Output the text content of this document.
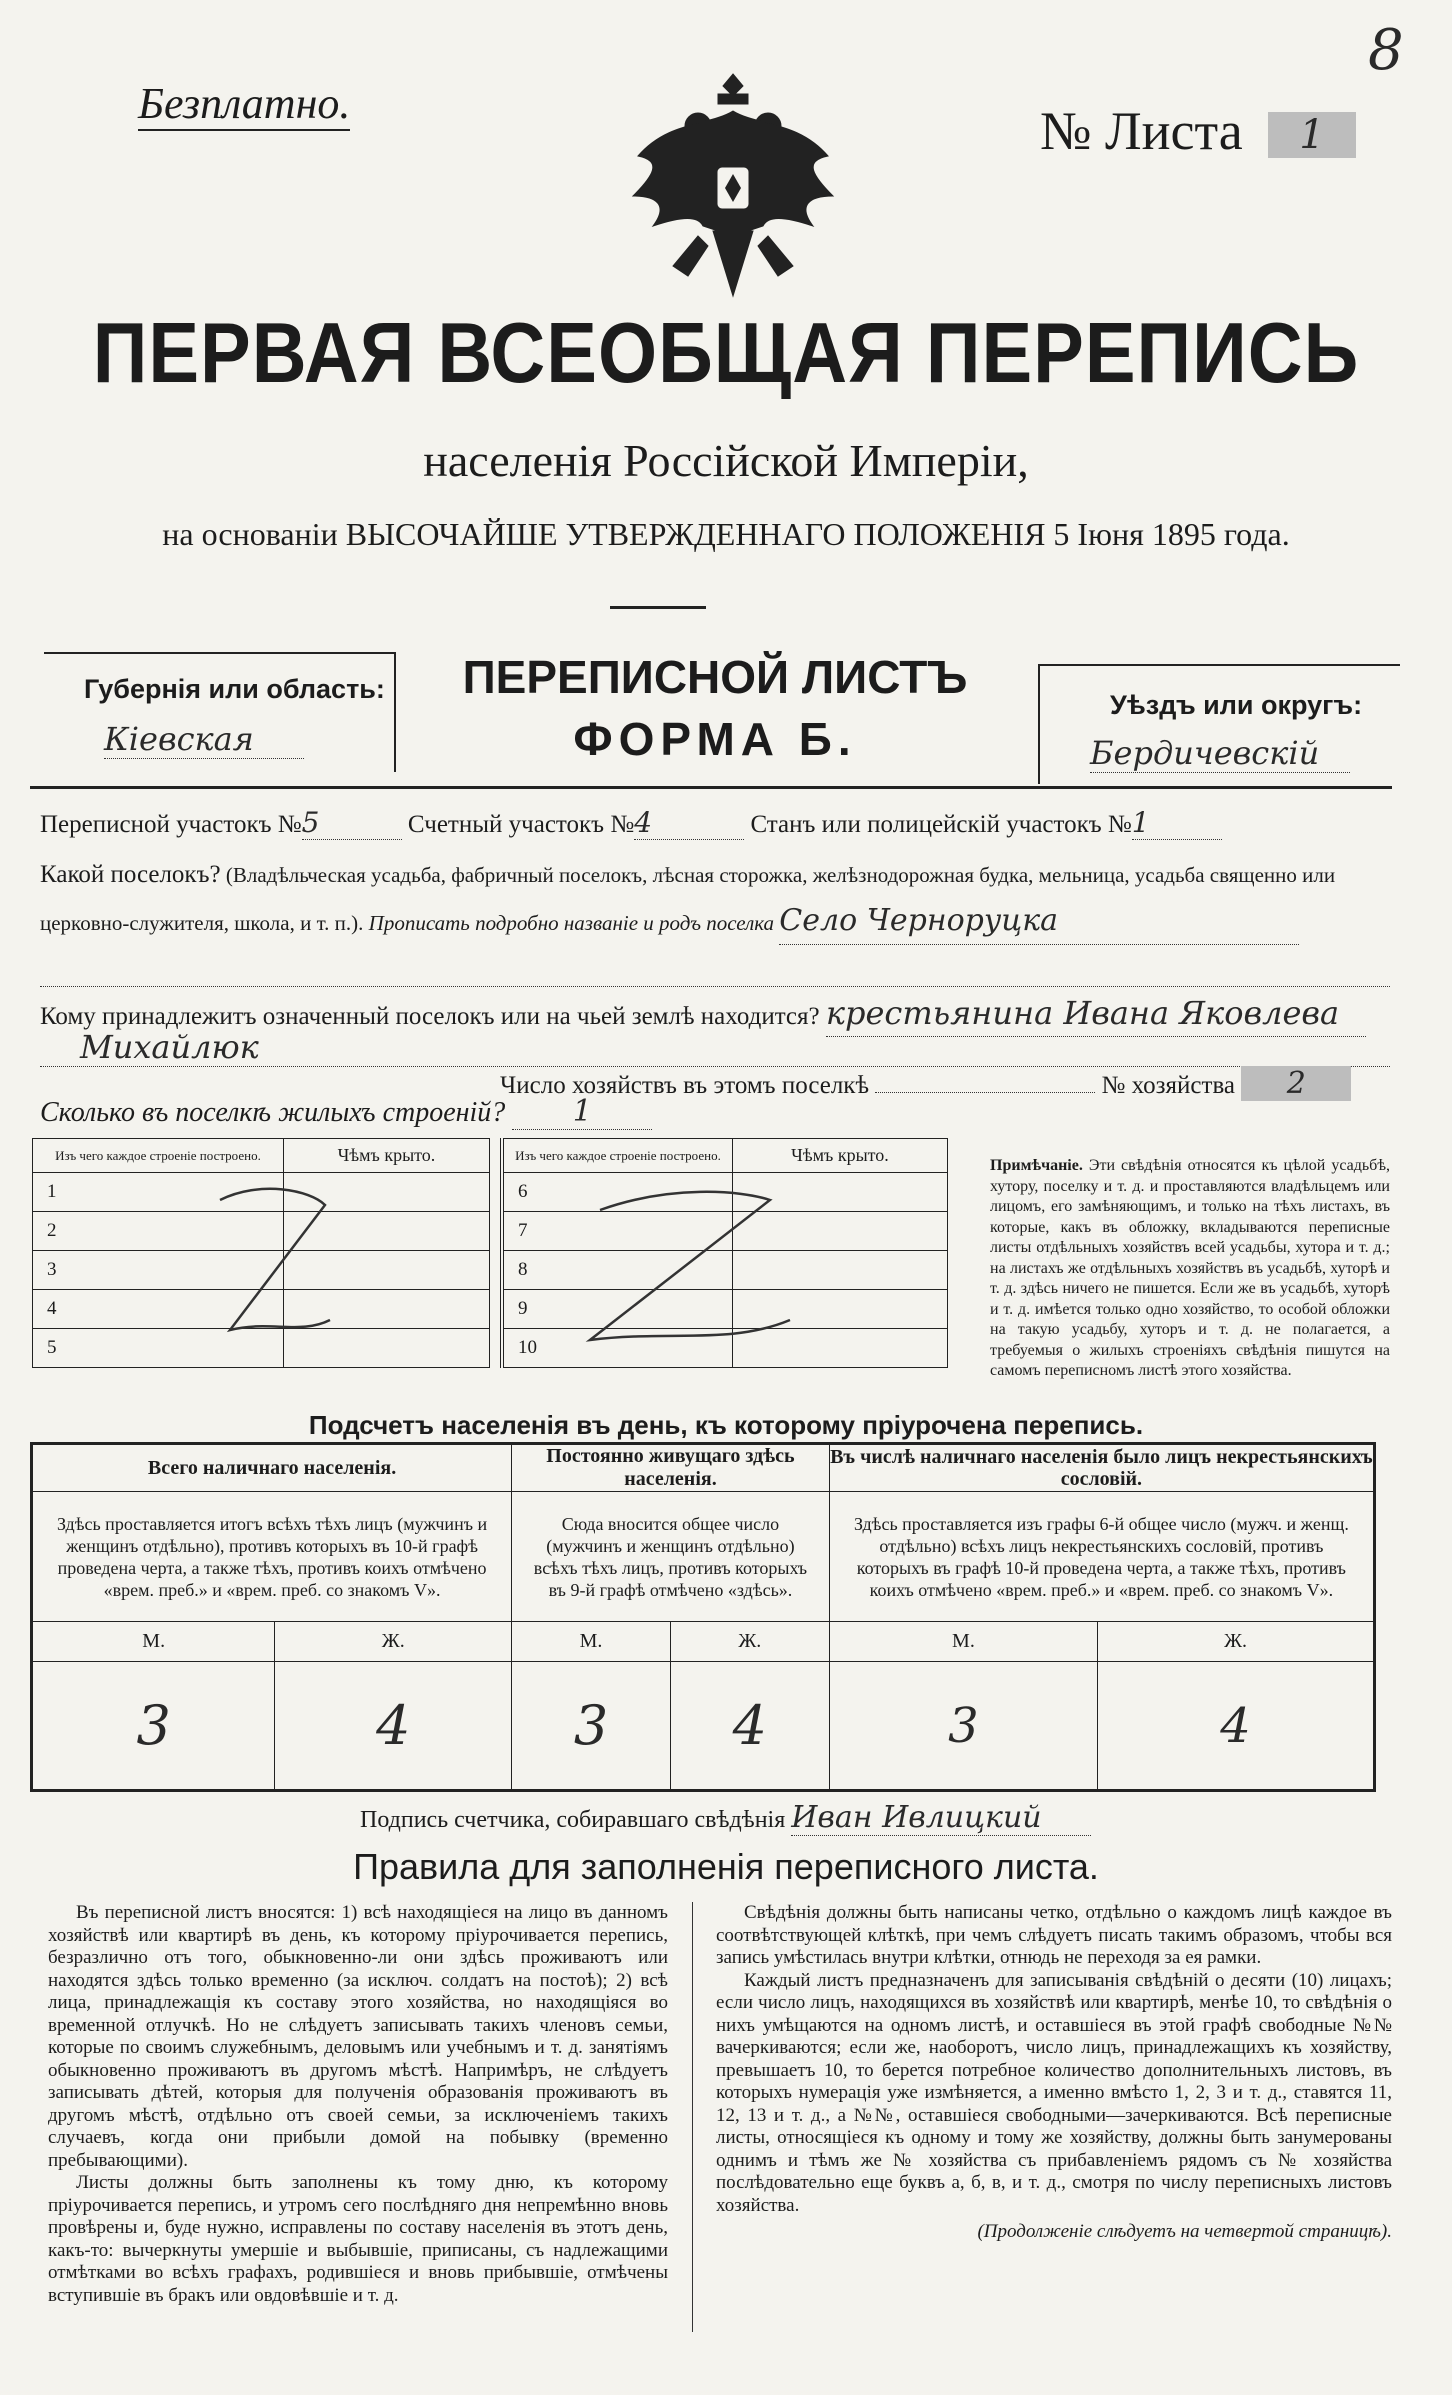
8
Безплатно.	№ Листа	1
ПЕРВАЯ ВСЕОБЩАЯ ПЕРЕПИСЬ
населенія Россійской Имперіи,
на основаніи ВЫСОЧАЙШЕ УТВЕРЖДЕННАГО ПОЛОЖЕНІЯ 5 Іюня 1895 года.
Губернія или область:
Кіевская
ПЕРЕПИСНОЙ ЛИСТЪ
ФОРМА Б.
Уѣздъ или округъ:
Бердичевскій
Переписной участокъ №5	Счетный участокъ №4	Станъ или полицейскій участокъ №1
Какой поселокъ? (Владѣльческая усадьба, фабричный поселокъ, лѣсная сторожка, желѣзнодорожная будка, мельница, усадьба священно или церковно-служителя, школа, и т. п.). Прописать подробно названіе и родъ поселка Село Черноруцка
Кому принадлежитъ означенный поселокъ или на чьей землѣ находится? крестьянина Ивана Яковлева
Михайлюк
Число хозяйствъ въ этомъ поселкѣ	№ хозяйства 2
Сколько въ поселкѣ жилыхъ строеній? 1
Изъ чего каждое строеніе построено.	Чѣмъ крыто.
1	
2	
3	
4	
5	
Изъ чего каждое строеніе построено.	Чѣмъ крыто.
6	
7	
8	
9	
10	
Примѣчаніе. Эти свѣдѣнія относятся къ цѣлой усадьбѣ, хутору, поселку и т. д. и проставляются владѣльцемъ или лицомъ, его замѣняющимъ, и только на тѣхъ листахъ, въ которые, какъ въ обложку, вкладываются переписные листы отдѣльныхъ хозяйствъ всей усадьбы, хутора и т. д.; на листахъ же отдѣльныхъ хозяйствъ въ усадьбѣ, хуторѣ и т. д. здѣсь ничего не пишется. Если же въ усадьбѣ, хуторѣ и т. д. имѣется только одно хозяйство, то особой обложки на такую усадьбу, хуторъ и т. д. не полагается, а требуемыя о жилыхъ строеніяхъ свѣдѣнія пишутся на самомъ переписномъ листѣ этого хозяйства.
Подсчетъ населенія въ день, къ которому пріурочена перепись.
Всего наличнаго населенія.		Постоянно живущаго здѣсь населенія.		Въ числѣ наличнаго населенія было лицъ некрестьянскихъ сословій.	
Здѣсь проставляется итогъ всѣхъ тѣхъ лицъ (мужчинъ и женщинъ отдѣльно), противъ которыхъ въ 10-й графѣ проведена черта, а также тѣхъ, противъ коихъ отмѣчено «врем. преб.» и «врем. преб. со знакомъ V».		Сюда вносится общее число (мужчинъ и женщинъ отдѣльно) всѣхъ тѣхъ лицъ, противъ которыхъ въ 9-й графѣ отмѣчено «здѣсь».		Здѣсь проставляется изъ графы 6-й общее число (мужч. и женщ. отдѣльно) всѣхъ лицъ некрестьянскихъ сословій, противъ которыхъ въ графѣ 10-й проведена черта, а также тѣхъ, противъ коихъ отмѣчено «врем. преб.» и «врем. преб. со знакомъ V».	
М.	Ж.	М.	Ж.	М.	Ж.
3	4	3	4	3	4
Подпись счетчика, собиравшаго свѣдѣнія Иван Ивлицкий
Правила для заполненія переписного листа.
Въ переписной листъ вносятся: 1) всѣ находящіеся на лицо въ данномъ хозяйствѣ или квартирѣ въ день, къ которому пріурочивается перепись, безразлично отъ того, обыкновенно-ли они здѣсь проживаютъ или находятся здѣсь только временно (за исключ. солдатъ на постоѣ); 2) всѣ лица, принадлежащія къ составу этого хозяйства, но находящіяся во временной отлучкѣ. Но не слѣдуетъ записывать такихъ членовъ семьи, которые по своимъ служебнымъ, деловымъ или учебнымъ и т. д. занятіямъ обыкновенно проживаютъ въ другомъ мѣстѣ. Напримѣръ, не слѣдуетъ записывать дѣтей, которыя для полученія образованія проживаютъ въ другомъ мѣстѣ, отдѣльно отъ своей семьи, за исключеніемъ такихъ случаевъ, когда они прибыли домой на побывку (временно пребывающими).
Листы должны быть заполнены къ тому дню, къ которому пріурочивается перепись, и утромъ сего послѣдняго дня непремѣнно вновь провѣрены и, буде нужно, исправлены по составу населенія въ этотъ день, какъ-то: вычеркнуты умершіе и выбывшіе, приписаны, съ надлежащими отмѣтками во всѣхъ графахъ, родившіеся и вновь прибывшіе, отмѣчены вступившіе въ бракъ или овдовѣвшіе и т. д.
Свѣдѣнія должны быть написаны четко, отдѣльно о каждомъ лицѣ каждое въ соотвѣтствующей клѣткѣ, при чемъ слѣдуетъ писать такимъ образомъ, чтобы вся запись умѣстилась внутри клѣтки, отнюдь не переходя за ея рамки.
Каждый листъ предназначенъ для записыванія свѣдѣній о десяти (10) лицахъ; если число лицъ, находящихся въ хозяйствѣ или квартирѣ, менѣе 10, то свѣдѣнія о нихъ умѣщаются на одномъ листѣ, и оставшіеся въ этой графѣ свободные №№ вачеркиваются; если же, наоборотъ, число лицъ, принадлежащихъ къ хозяйству, превышаетъ 10, то берется потребное количество дополнительныхъ листовъ, въ которыхъ нумерація уже измѣняется, а именно вмѣсто 1, 2, 3 и т. д., ставятся 11, 12, 13 и т. д., а №№, оставшіеся свободными—зачеркиваются. Всѣ переписные листы, относящіеся къ одному и тому же хозяйству, должны быть занумерованы однимъ и тѣмъ же № хозяйства съ прибавленіемъ рядомъ съ № хозяйства послѣдовательно еще буквъ а, б, в, и т. д., смотря по числу переписныхъ листовъ хозяйства.
(Продолженіе слѣдуетъ на четвертой страницѣ).
